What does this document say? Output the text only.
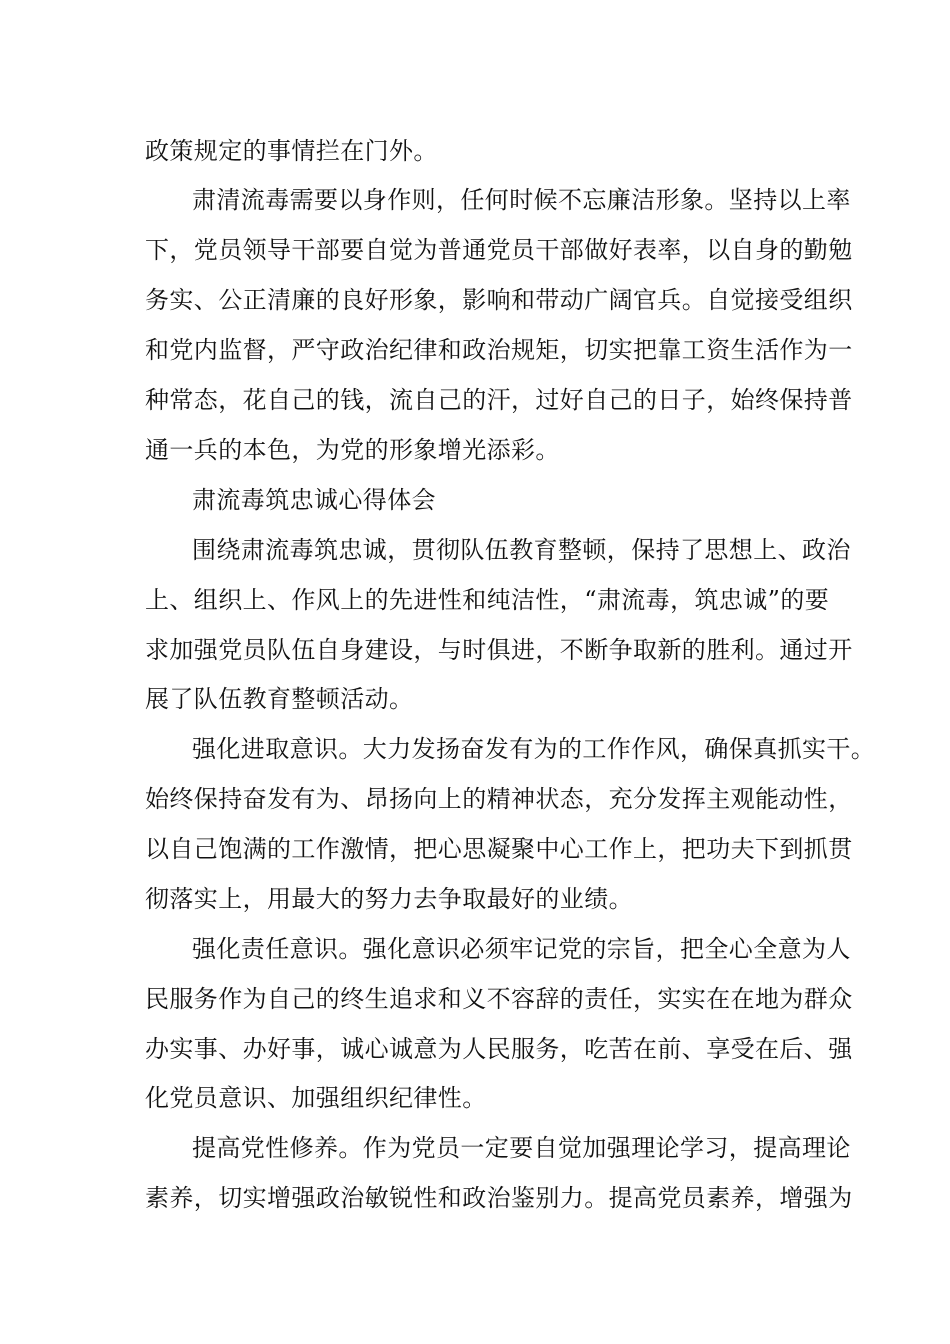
政策规定的事情拦在门外。
肃清流毒需要以身作则，任何时候不忘廉洁形象。坚持以上率
下，党员领导干部要自觉为普通党员干部做好表率，以自身的勤勉
务实、公正清廉的良好形象，影响和带动广阔官兵。自觉接受组织
和党内监督，严守政治纪律和政治规矩，切实把靠工资生活作为一
种常态，花自己的钱，流自己的汗，过好自己的日子，始终保持普
通一兵的本色，为党的形象增光添彩。
肃流毒筑忠诚心得体会
围绕肃流毒筑忠诚，贯彻队伍教育整顿，保持了思想上、政治
上、组织上、作风上的先进性和纯洁性，“肃流毒，筑忠诚”的要
求加强党员队伍自身建设，与时俱进，不断争取新的胜利。通过开
展了队伍教育整顿活动。
强化进取意识。大力发扬奋发有为的工作作风，确保真抓实干。
始终保持奋发有为、昂扬向上的精神状态，充分发挥主观能动性，
以自己饱满的工作激情，把心思凝聚中心工作上，把功夫下到抓贯
彻落实上，用最大的努力去争取最好的业绩。
强化责任意识。强化意识必须牢记党的宗旨，把全心全意为人
民服务作为自己的终生追求和义不容辞的责任，实实在在地为群众
办实事、办好事，诚心诚意为人民服务，吃苦在前、享受在后、强
化党员意识、加强组织纪律性。
提高党性修养。作为党员一定要自觉加强理论学习，提高理论
素养，切实增强政治敏锐性和政治鉴别力。提高党员素养，增强为
